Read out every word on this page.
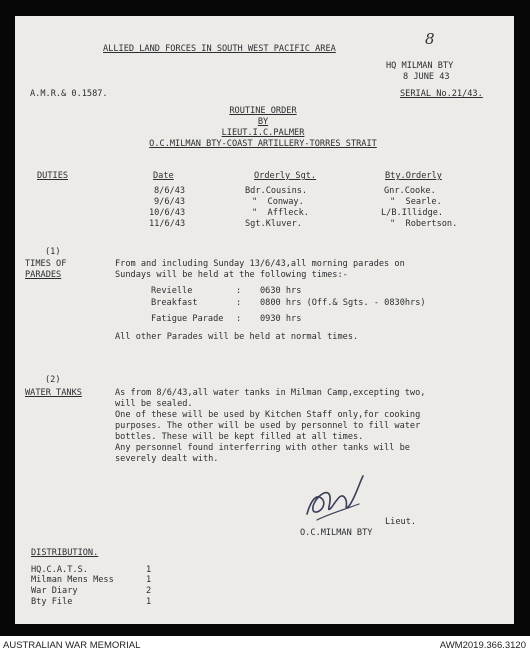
8
ALLIED LAND FORCES IN SOUTH WEST PACIFIC AREA
HQ MILMAN BTY
8 JUNE 43
A.M.R.& 0.1587.	SERIAL No.21/43.
ROUTINE ORDER
BY
LIEUT.I.C.PALMER
O.C.MILMAN BTY-COAST ARTILLERY-TORRES STRAIT
DUTIES	Date	Orderly Sgt.	Bty.Orderly
8/6/43	Bdr.Cousins.	Gnr.Cooke.
9/6/43	"  Conway.	"  Searle.
10/6/43	"  Affleck.	L/B.Illidge.
11/6/43	Sgt.Kluver.	"  Robertson.
(1)
TIMES OF
PARADES
From and including Sunday 13/6/43,all morning parades on
Sundays will be held at the following times:-
Revielle	: 0630 hrs
Breakfast	: 0800 hrs (Off.& Sgts. - 0830hrs)
Fatigue Parade : 0930 hrs
All other Parades will be held at normal times.
(2)
WATER TANKS	As from 8/6/43,all water tanks in Milman Camp,excepting two,
will be sealed.
One of these will be used by Kitchen Staff only,for cooking
purposes. The other will be used by personnel to fill water
bottles. These will be kept filled at all times.
Any personnel found interferring with other tanks will be
severely dealt with.
Lieut.
O.C.MILMAN BTY
DISTRIBUTION.
HQ.C.A.T.S.	1
Milman Mens Mess	1
War Diary	2
Bty File	1
AUSTRALIAN WAR MEMORIAL	AWM2019.366.3120
